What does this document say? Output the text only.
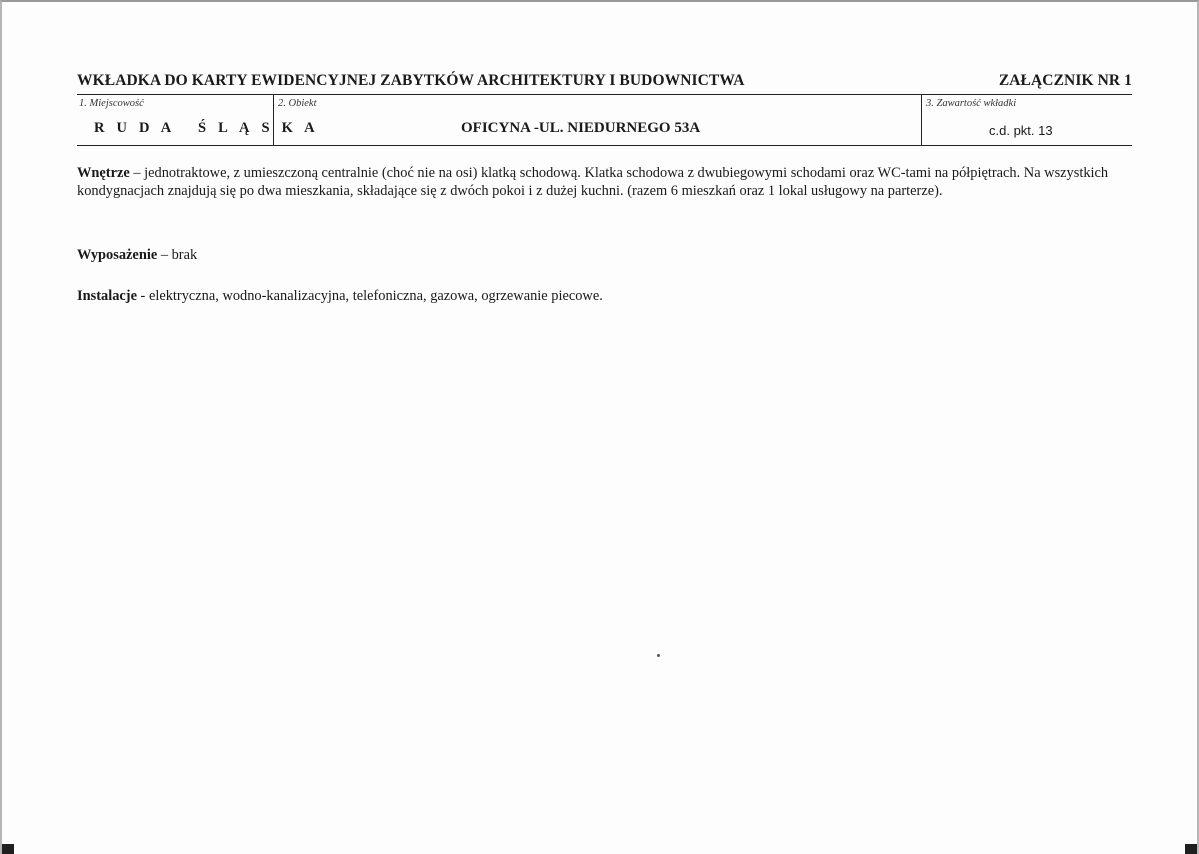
WKŁADKA DO KARTY EWIDENCYJNEJ ZABYTKÓW ARCHITEKTURY I BUDOWNICTWA	ZAŁĄCZNIK NR 1
1. Miejscowość
R U D A   Ś L Ą S K A
2. Obiekt
OFICYNA -UL. NIEDURNEGO 53A
3. Zawartość wkładki
c.d. pkt. 13
Wnętrze – jednotraktowe, z umieszczoną centralnie (choć nie na osi) klatką schodową. Klatka schodowa z dwubiegowymi schodami oraz WC-tami na półpiętrach. Na wszystkich kondygnacjach znajdują się po dwa mieszkania, składające się z dwóch pokoi i z dużej kuchni. (razem 6 mieszkań oraz 1 lokal usługowy na parterze).
Wyposażenie – brak
Instalacje - elektryczna, wodno-kanalizacyjna, telefoniczna, gazowa, ogrzewanie piecowe.
